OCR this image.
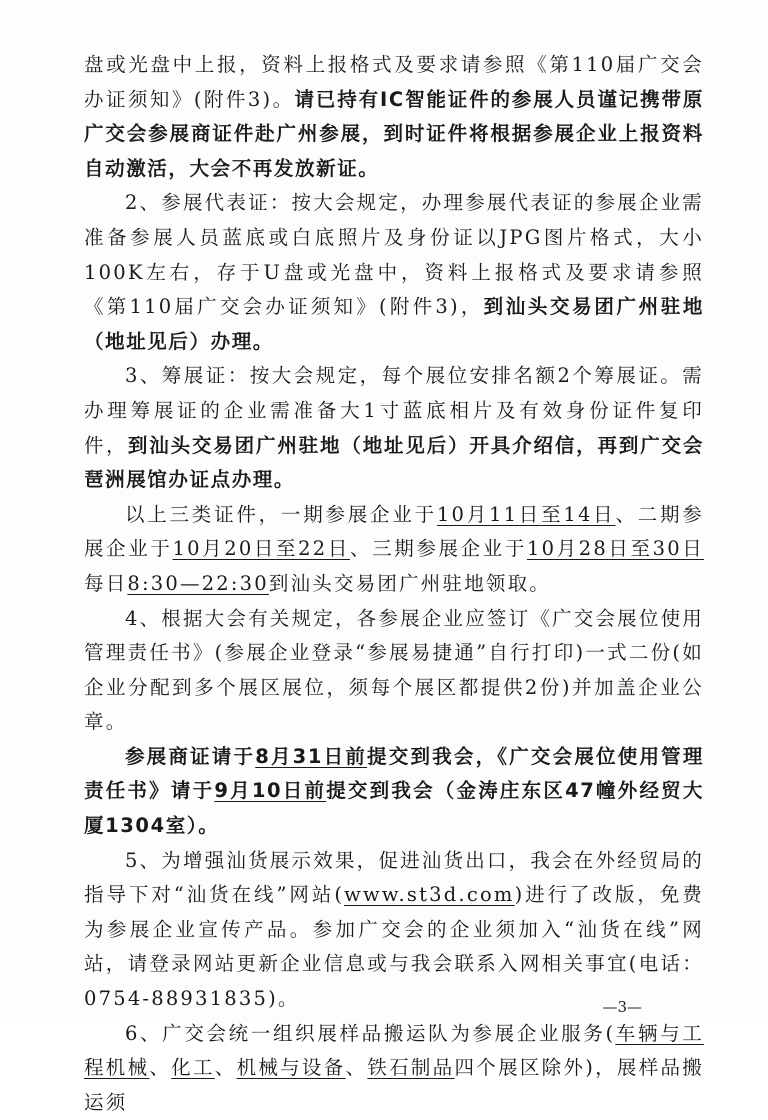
盘或光盘中上报，资料上报格式及要求请参照《第110届广交会办证须知》(附件3)。请已持有IC智能证件的参展人员谨记携带原广交会参展商证件赴广州参展，到时证件将根据参展企业上报资料自动激活，大会不再发放新证。

2、参展代表证：按大会规定，办理参展代表证的参展企业需准备参展人员蓝底或白底照片及身份证以JPG图片格式，大小100K左右，存于U盘或光盘中，资料上报格式及要求请参照《第110届广交会办证须知》(附件3)，到汕头交易团广州驻地（地址见后）办理。

3、筹展证：按大会规定，每个展位安排名额2个筹展证。需办理筹展证的企业需准备大1寸蓝底相片及有效身份证件复印件，到汕头交易团广州驻地（地址见后）开具介绍信，再到广交会琶洲展馆办证点办理。

以上三类证件，一期参展企业于10月11日至14日、二期参展企业于10月20日至22日、三期参展企业于10月28日至30日每日8:30—22:30到汕头交易团广州驻地领取。

4、根据大会有关规定，各参展企业应签订《广交会展位使用管理责任书》(参展企业登录“参展易捷通”自行打印)一式二份(如企业分配到多个展区展位，须每个展区都提供2份)并加盖企业公章。

参展商证请于8月31日前提交到我会，《广交会展位使用管理责任书》请于9月10日前提交到我会（金涛庄东区47幢外经贸大厦1304室）。

5、为增强汕货展示效果，促进汕货出口，我会在外经贸局的指导下对“汕货在线”网站(www.st3d.com)进行了改版，免费为参展企业宣传产品。参加广交会的企业须加入“汕货在线”网站，请登录网站更新企业信息或与我会联系入网相关事宜(电话：0754-88931835)。

6、广交会统一组织展样品搬运队为参展企业服务(车辆与工程机械、化工、机械与设备、铁石制品四个展区除外)，展样品搬运须

—3—
